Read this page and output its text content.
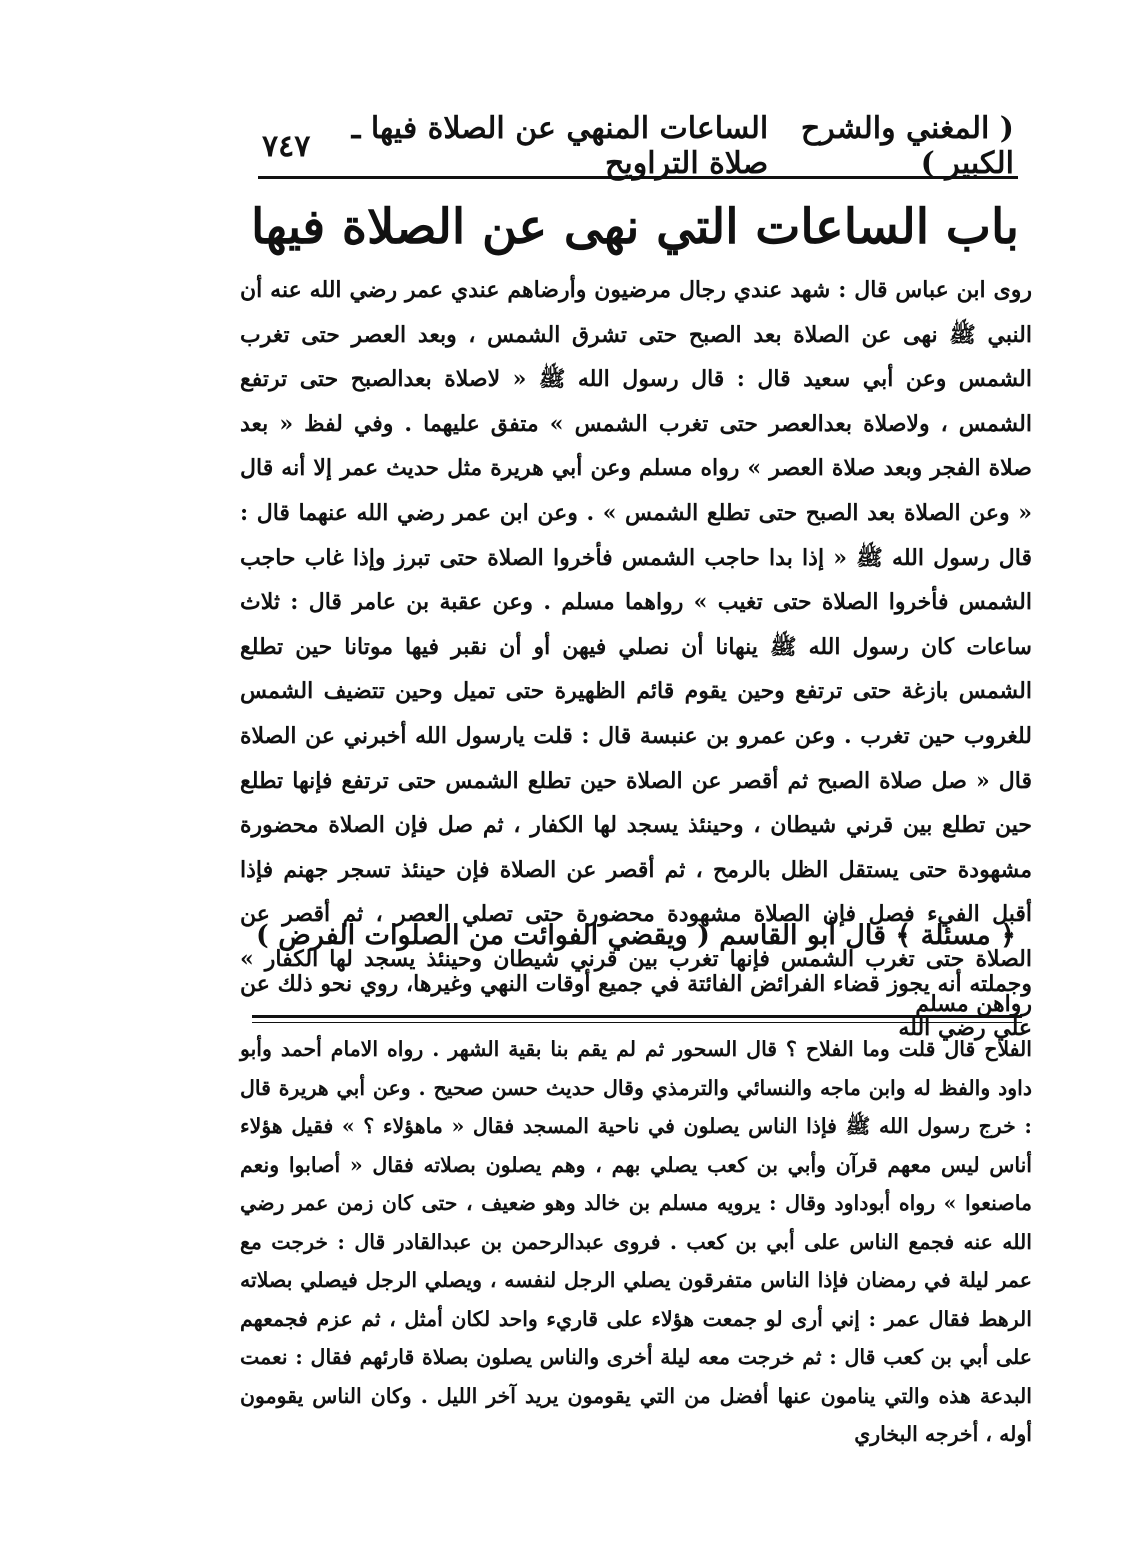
( المغني والشرح الكبير )
الساعات المنهي عن الصلاة فيها ـ صلاة التراويح
٧٤٧
باب الساعات التي نهى عن الصلاة فيها

روى ابن عباس قال : شهد عندي رجال مرضيون وأرضاهم عندي عمر رضي الله عنه أن النبي ﷺ نهى عن الصلاة بعد الصبح حتى تشرق الشمس ، وبعد العصر حتى تغرب الشمس وعن أبي سعيد قال : قال رسول الله ﷺ « لاصلاة بعدالصبح حتى ترتفع الشمس ، ولاصلاة بعدالعصر حتى تغرب الشمس » متفق عليهما . وفي لفظ « بعد صلاة الفجر وبعد صلاة العصر » رواه مسلم وعن أبي هريرة مثل حديث عمر إلا أنه قال « وعن الصلاة بعد الصبح حتى تطلع الشمس » . وعن ابن عمر رضي الله عنهما قال : قال رسول الله ﷺ « إذا بدا حاجب الشمس فأخروا الصلاة حتى تبرز وإذا غاب حاجب الشمس فأخروا الصلاة حتى تغيب » رواهما مسلم . وعن عقبة بن عامر قال : ثلاث ساعات كان رسول الله ﷺ ينهانا أن نصلي فيهن أو أن نقبر فيها موتانا حين تطلع الشمس بازغة حتى ترتفع وحين يقوم قائم الظهيرة حتى تميل وحين تتضيف الشمس للغروب حين تغرب . وعن عمرو بن عنبسة قال : قلت يارسول الله أخبرني عن الصلاة قال « صل صلاة الصبح ثم أقصر عن الصلاة حين تطلع الشمس حتى ترتفع فإنها تطلع حين تطلع بين قرني شيطان ، وحينئذ يسجد لها الكفار ، ثم صل فإن الصلاة محضورة مشهودة حتى يستقل الظل بالرمح ، ثم أقصر عن الصلاة فإن حينئذ تسجر جهنم فإذا أقبل الفيء فصل فإن الصلاة مشهودة محضورة حتى تصلي العصر ، ثم أقصر عن الصلاة حتى تغرب الشمس فإنها تغرب بين قرني شيطان وحينئذ يسجد لها الكفار » رواهن مسلم

﴿ مسئلة ﴾ قال أبو القاسم ( ويقضي الفوائت من الصلوات الفرض )
وجملته أنه يجوز قضاء الفرائض الفائتة في جميع أوقات النهي وغيرها، روي نحو ذلك عن علي رضي الله

الفلاح قال قلت وما الفلاح ؟ قال السحور ثم لم يقم بنا بقية الشهر . رواه الامام أحمد وأبو داود والفظ له وابن ماجه والنسائي والترمذي وقال حديث حسن صحيح . وعن أبي هريرة قال : خرج رسول الله ﷺ فإذا الناس يصلون في ناحية المسجد فقال « ماهؤلاء ؟ » فقيل هؤلاء أناس ليس معهم قرآن وأبي بن كعب يصلي بهم ، وهم يصلون بصلاته فقال « أصابوا ونعم ماصنعوا » رواه أبوداود وقال : يرويه مسلم بن خالد وهو ضعيف ، حتى كان زمن عمر رضي الله عنه فجمع الناس على أبي بن كعب . فروى عبدالرحمن بن عبدالقادر قال : خرجت مع عمر ليلة في رمضان فإذا الناس متفرقون يصلي الرجل لنفسه ، ويصلي الرجل فيصلي بصلاته الرهط فقال عمر : إني أرى لو جمعت هؤلاء على قاريء واحد لكان أمثل ، ثم عزم فجمعهم على أبي بن كعب قال : ثم خرجت معه ليلة أخرى والناس يصلون بصلاة قارئهم فقال : نعمت البدعة هذه والتي ينامون عنها أفضل من التي يقومون يريد آخر الليل . وكان الناس يقومون أوله ، أخرجه البخاري
